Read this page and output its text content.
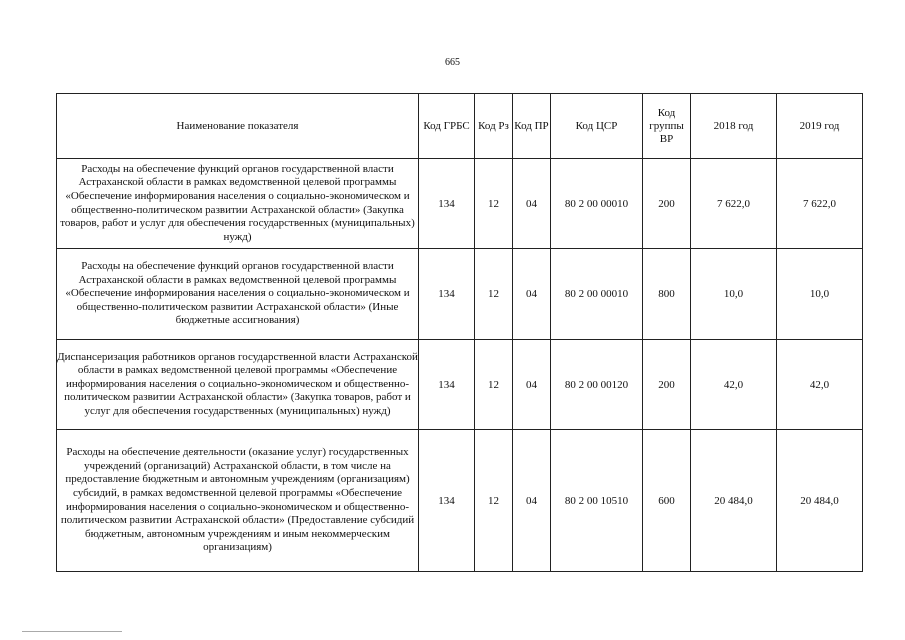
665
Наименование показателя	Код ГРБС	Код Рз	Код ПР	Код ЦСР	Код группы ВР	2018 год	2019 год
Расходы на обеспечение функций органов государственной власти Астраханской области в рамках ведомственной целевой программы «Обеспечение информирования населения о социально-экономическом и общественно-политическом развитии Астраханской области» (Закупка товаров, работ и услуг для обеспечения государственных (муниципальных) нужд)	134	12	04	80 2 00 00010	200	7 622,0	7 622,0
Расходы на обеспечение функций органов государственной власти Астраханской области в рамках ведомственной целевой программы «Обеспечение информирования населения о социально-экономическом и общественно-политическом развитии Астраханской области» (Иные бюджетные ассигнования)	134	12	04	80 2 00 00010	800	10,0	10,0
Диспансеризация работников органов государственной власти Астраханской области в рамках ведомственной целевой программы «Обеспечение информирования населения о социально-экономическом и общественно-политическом развитии Астраханской области» (Закупка товаров, работ и услуг для обеспечения государственных (муниципальных) нужд)	134	12	04	80 2 00 00120	200	42,0	42,0
Расходы на обеспечение деятельности (оказание услуг) государственных учреждений (организаций) Астраханской области, в том числе на предоставление бюджетным и автономным учреждениям (организациям) субсидий, в рамках ведомственной целевой программы «Обеспечение информирования населения о социально-экономическом и общественно-политическом развитии Астраханской области» (Предоставление субсидий бюджетным, автономным учреждениям и иным некоммерческим организациям)	134	12	04	80 2 00 10510	600	20 484,0	20 484,0
